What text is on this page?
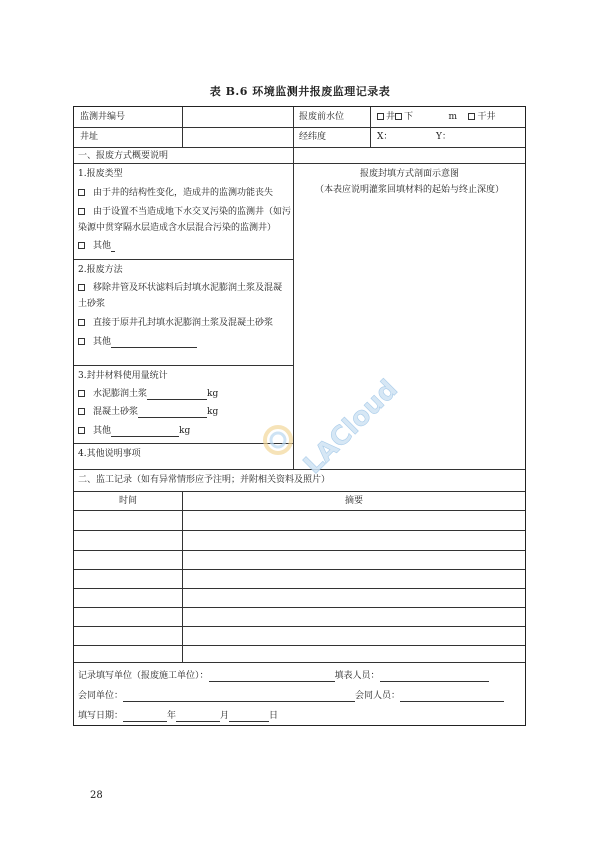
表 B.6 环境监测井报废监理记录表
监测井编号	报废前水位	井 下	m 干井
井址	经纬度	X：	Y：
一、报废方式概要说明
1.报废类型
由于井的结构性变化，造成井的监测功能丧失
由于设置不当造成地下水交叉污染的监测井（如污
染源中贯穿隔水层造成含水层混合污染的监测井）
其他
2.报废方法
移除井管及环状滤料后封填水泥膨润土浆及混凝
土砂浆
直接于原井孔封填水泥膨润土浆及混凝土砂浆
其他
3.封井材料使用量统计
水泥膨润土浆	kg
混凝土砂浆	kg
其他	kg
4.其他说明事项
报废封填方式剖面示意图
（本表应说明灌浆回填材料的起始与终止深度）
二、监工记录（如有异常情形应予注明；并附相关资料及照片）
时间	摘要
记录填写单位（报废施工单位）：	填表人员：
会同单位：	会同人员：
填写日期：	年	月	日
LACloud
28
